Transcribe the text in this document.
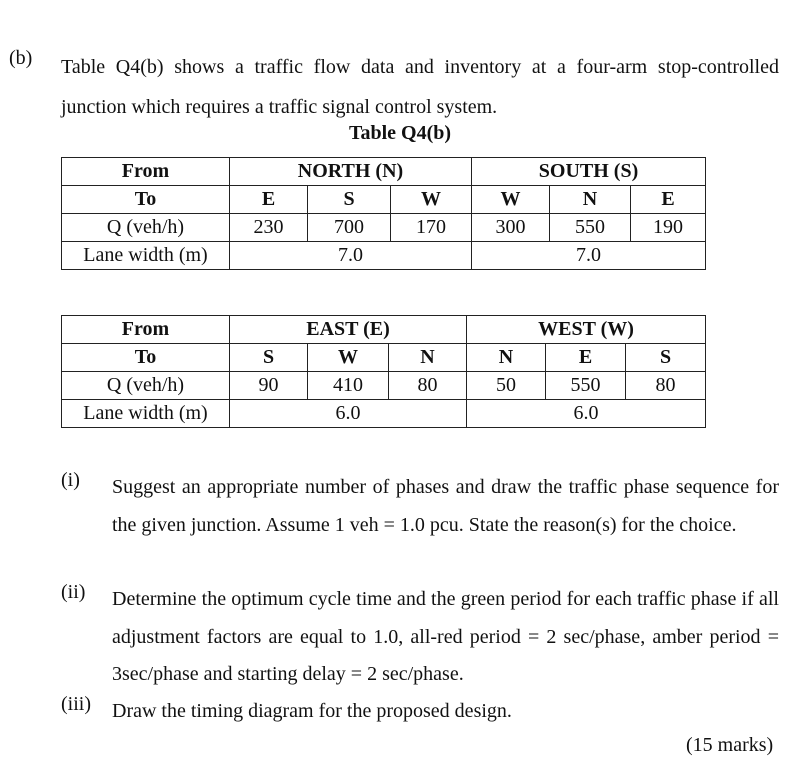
(b) Table Q4(b) shows a traffic flow data and inventory at a four-arm stop-controlled junction which requires a traffic signal control system.
Table Q4(b)
From	NORTH (N)			SOUTH (S)		
To	E	S	W	W	N	E
Q (veh/h)	230	700	170	300	550	190
Lane width (m)	7.0			7.0		
From	EAST (E)			WEST (W)		
To	S	W	N	N	E	S
Q (veh/h)	90	410	80	50	550	80
Lane width (m)	6.0			6.0		
(i) Suggest an appropriate number of phases and draw the traffic phase sequence for the given junction. Assume 1 veh = 1.0 pcu. State the reason(s) for the choice.
(ii) Determine the optimum cycle time and the green period for each traffic phase if all adjustment factors are equal to 1.0, all-red period = 2 sec/phase, amber period = 3sec/phase and starting delay = 2 sec/phase.
(iii) Draw the timing diagram for the proposed design.
(15 marks)
